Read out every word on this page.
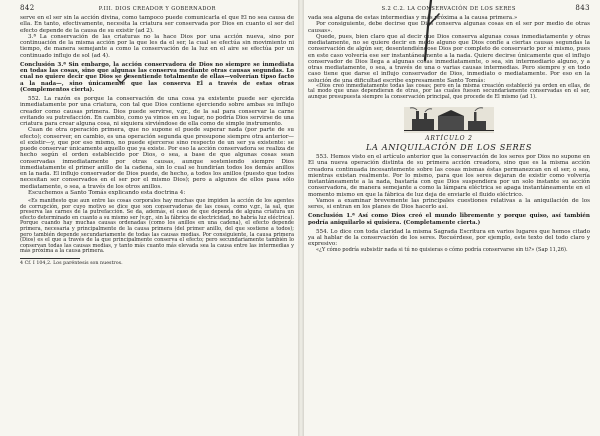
842	P.III. DIOS CREADOR Y GOBERNADOR

serve en el ser sin la acción divina, como tampoco puede comunicarla el que El no sea causa de ella. En tanto, efectivamente, necesita la criatura ser conservada por Dios en cuanto el ser del efecto depende de la causa de su existir (ad 2).

3.ª La conservación de las criaturas no la hace Dios por una acción nueva, sino por continuación de la misma acción por la que les da el ser, la cual se efectúa sin movimiento ni tiempo, de manera semejante a como la conservación de la luz en el aire se efectúa por un continuado influjo de sol (ad 4).

Conclusión 3.ª Sin embargo, la acción conservadora de Dios no siempre se inmediata en todas las cosas, sino que algunas las conserva mediante otras causas segundas. Lo cual no quiere decir que Dios se desentiende totalmente de ellas—volverían tipso facto a la nada—, sino únicamente que las conserva El a través de estas otras (Complementos cierta).

552. La razón es porque la conservación de una cosa ya existente puede ser ejercida inmediatamente por una criatura, con tal que Dios contiene ejerciendo sobre ambas su influjo creador como causas primera. Dios puede servirse, v.gr., de la sal para conservar la carne evitando su putrefacción. En cambio, como ya vimos en su lugar, no podría Dios servirse de una criatura para crear alguna cosa, ni siquiera sirviéndose de ella como de simple instrumento.

Cuan de otra operación primera, que no supone el puede superar nada (por parte de su efecto); conserver, en cambio, es una operación segunda que presupone siempre otra anterior—el existir—y, que por eso mismo, no puede ejercerse sino respecto de un ser ya existente: se puede conservar únicamente aquello que ya existe. Por eso la acción conservadora se realiza de hecho según el orden establecido por Dios, o sea, a base de que algunas cosas sean conservadas inmediatamente por otras causas, aunque sosteniendo siempre Dios inmediatamente el primer anillo de la cadena, sin lo cual se hundirían todos los demás anillos en la nada. El influjo conservador de Dios puede, de hecho, a todos los anillos (puesto que todos necesitan ser conservados en el ser por el mismo Dios); pero a algunos de ellos pasa sólo mediatamente, o sea, a través de los otros anillos.

Escuchemos a Santo Tomás explicando esta doctrina 4:

«Es manifiesto que aun entre las cosas corporales hay muchas que impiden la acción de los agentes de corrupción, por cuyo motivo se dice que son conservadoras de las cosas, como v.gr., la sal, que preserva las carnes de la putrefacción. Se da, además, el caso de que dependa de alguna criatura un efecto determinado en cuanto a su mismo ser (v.gr., sin la fábrica de electricidad, no habría luz eléctrica). Porque cuando hay muchas causas ordenadas (como los anillos en una cadena), el efecto depende primera, necesaria y principalmente de la causa primera (del primer anillo, del que sostiene a todos); pero también depende secundariamente de todas las causas medias. Por consiguiente, la causa primera (Dios) es el que a través de la que principalmente conserva el efecto; pero secundariamente también lo conservan todas las causas medias, y tanto más cuanto más elevada sea la causa entre las intermedias y más próxima a la causa primera.

4 Cf. I 104,2. Los paréntesis son nuestros.

S.2 C.2. LA CONSERVACIÓN DE LOS SERES	843

vada sea alguna de estas intermedias y más próxima a la causa primera.»

Por consiguiente, debe decirse que Dios conserva algunas cosas en el ser por medio de otras causas».

Quede, pues, bien claro que al decir que Dios conserva algunas cosas inmediatamente y otras mediatamente, no se quiere decir en modo alguno que Dios confíe a ciertas causas segundas la conservación de algún ser, desentendiéndose Dios por completo de conservarlo por sí mismo, pues en este caso volvería ese ser instantáneamente a la nada. Quiere decirse únicamente que el influjo conservador de Dios llega a algunas cosas inmediatamente, o sea, sin intermediario alguno, y a otras mediatamente, o sea, a través de una o varias causas intermedias. Pero siempre y en todo caso tiene que darse el influjo conservador de Dios, inmediato o mediatamente. Por eso en la solución de una dificultad escribe expresamente Santo Tomás:

«Dios creó inmediatamente todas las cosas; pero en la misma creación estableció ya orden en ellas, de tal modo que unas dependieran de otras, por las cuales fuesen secundariamente conservadas en el ser, aunque presupuesta siempre la conservación principal, que procede de El mismo (ad 1).

ARTÍCULO 2

LA ANIQUILACIÓN DE LOS SERES

553. Hemos visto en el artículo anterior que la conservación de los seres por Dios no supone en El una nueva operación distinta de su primera acción creadora, sino que es la misma acción creadora continuada incesantemente sobre las cosas mismas éstas permanezcan en el ser, o sea, mientras existan realmente. Por lo mismo, para que los seres dejaran de existir como volvería instantáneamente a la nada, bastaría con que Dios suspendiera por un solo instante su acción conservadora, de manera semejante a como la lámpara eléctrica se apaga instantáneamente en el momento mismo en que la fábrica de luz deja de enviarle el fluido eléctrico.

Vamos a examinar brevemente las principales cuestiones relativas a la aniquilación de los seres, si entran en los planes de Dios hacerlo así.

Conclusión 1.ª Así como Dios creó el mundo libremente y porque quiso, así también podría aniquilarlo si quisiera. (Completamente cierta.)

554. Lo dice con toda claridad la misma Sagrada Escritura en varios lugares que hemos citado ya al hablar de la conservación de los seres. Recuérdese, por ejemplo, este texto del todo claro y expresivo:

«¿Y cómo podría subsistir nada si tú no quisieras o cómo podría conservarse sin ti?» (Sap 11,26).
